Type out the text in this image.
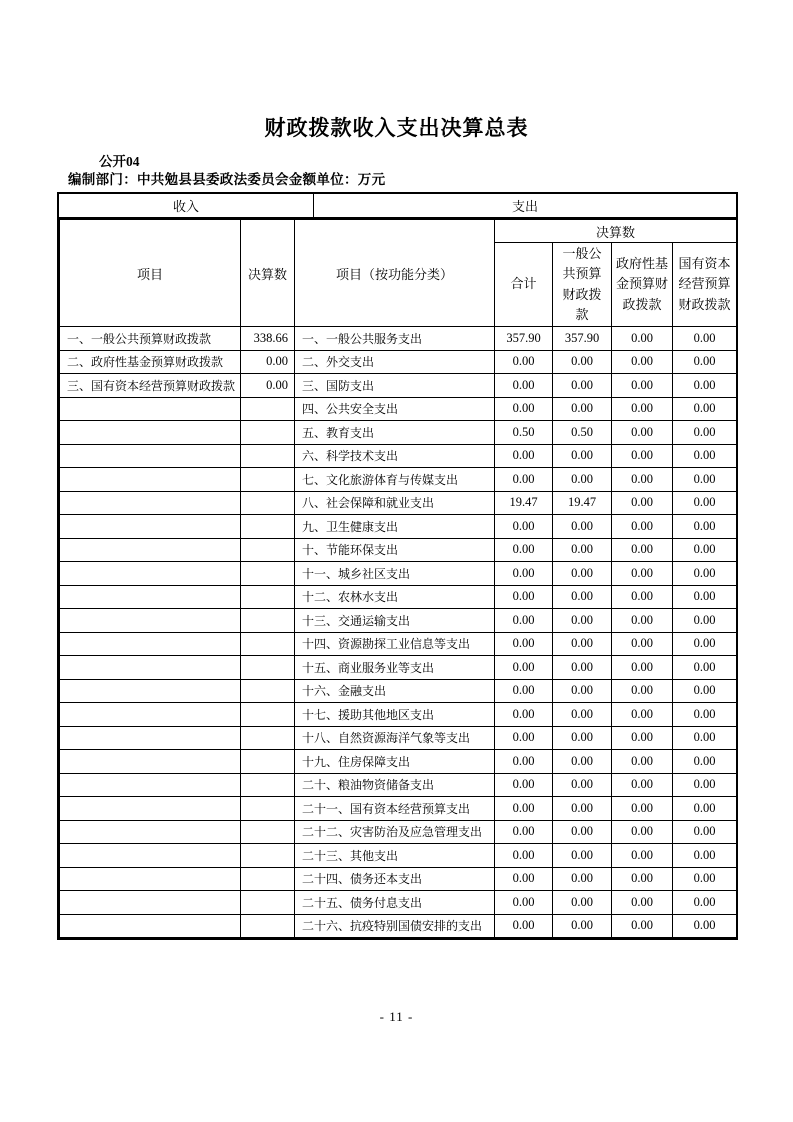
财政拨款收入支出决算总表
公开04
编制部门：中共勉县县委政法委员会金额单位：万元
收入	支出
项目	决算数	项目（按功能分类）	决算数			
			合计	一般公共预算财政拨款	政府性基金预算财政拨款	国有资本经营预算财政拨款
一、一般公共预算财政拨款	338.66	一、一般公共服务支出	357.90	357.90	0.00	0.00
二、政府性基金预算财政拨款	0.00	二、外交支出	0.00	0.00	0.00	0.00
三、国有资本经营预算财政拨款	0.00	三、国防支出	0.00	0.00	0.00	0.00
		四、公共安全支出	0.00	0.00	0.00	0.00
		五、教育支出	0.50	0.50	0.00	0.00
		六、科学技术支出	0.00	0.00	0.00	0.00
		七、文化旅游体育与传媒支出	0.00	0.00	0.00	0.00
		八、社会保障和就业支出	19.47	19.47	0.00	0.00
		九、卫生健康支出	0.00	0.00	0.00	0.00
		十、节能环保支出	0.00	0.00	0.00	0.00
		十一、城乡社区支出	0.00	0.00	0.00	0.00
		十二、农林水支出	0.00	0.00	0.00	0.00
		十三、交通运输支出	0.00	0.00	0.00	0.00
		十四、资源勘探工业信息等支出	0.00	0.00	0.00	0.00
		十五、商业服务业等支出	0.00	0.00	0.00	0.00
		十六、金融支出	0.00	0.00	0.00	0.00
		十七、援助其他地区支出	0.00	0.00	0.00	0.00
		十八、自然资源海洋气象等支出	0.00	0.00	0.00	0.00
		十九、住房保障支出	0.00	0.00	0.00	0.00
		二十、粮油物资储备支出	0.00	0.00	0.00	0.00
		二十一、国有资本经营预算支出	0.00	0.00	0.00	0.00
		二十二、灾害防治及应急管理支出	0.00	0.00	0.00	0.00
		二十三、其他支出	0.00	0.00	0.00	0.00
		二十四、债务还本支出	0.00	0.00	0.00	0.00
		二十五、债务付息支出	0.00	0.00	0.00	0.00
		二十六、抗疫特别国债安排的支出	0.00	0.00	0.00	0.00
- 11 -
